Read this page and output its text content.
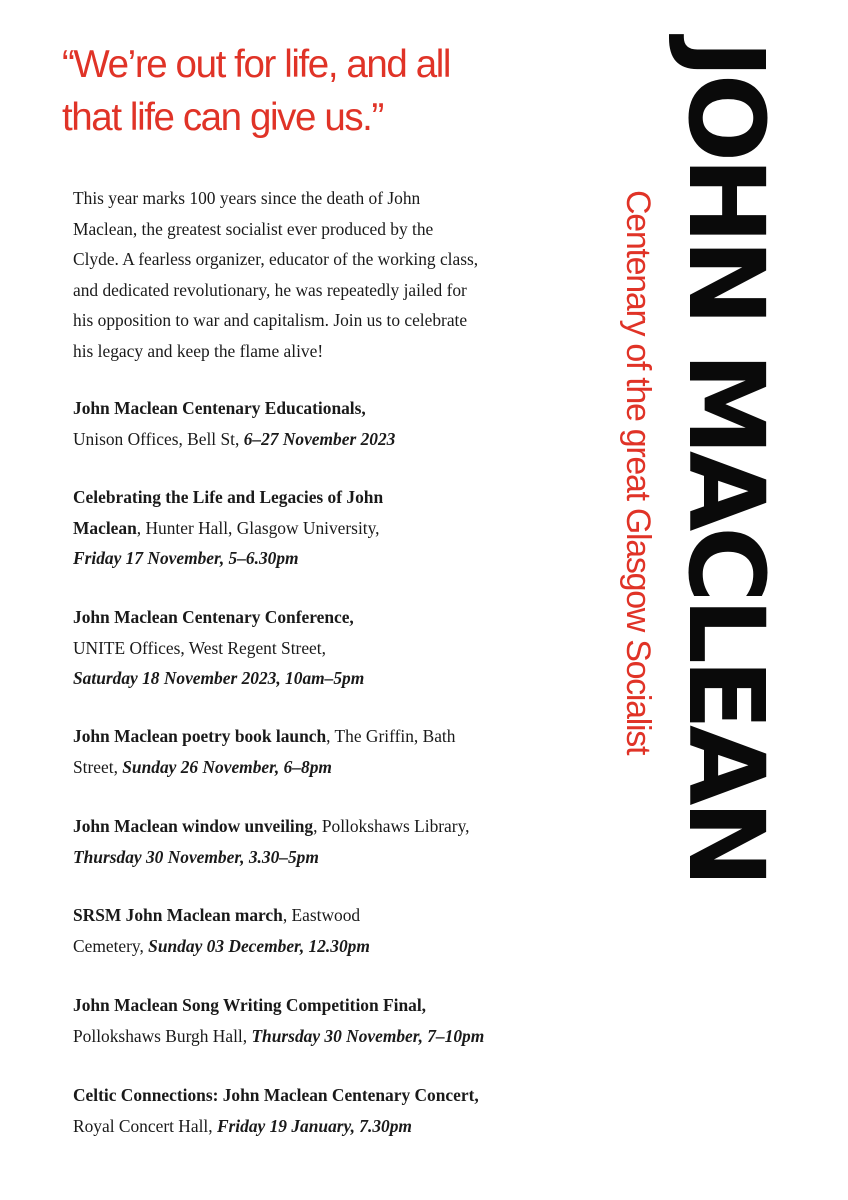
“We’re out for life, and all
that life can give us.”
This year marks 100 years since the death of John
Maclean, the greatest socialist ever produced by the
Clyde. A fearless organizer, educator of the working class,
and dedicated revolutionary, he was repeatedly jailed for
his opposition to war and capitalism. Join us to celebrate
his legacy and keep the flame alive!
John Maclean Centenary Educationals,
Unison Offices, Bell St, 6–27 November 2023
Celebrating the Life and Legacies of John
Maclean, Hunter Hall, Glasgow University,
Friday 17 November, 5–6.30pm
John Maclean Centenary Conference,
UNITE Offices, West Regent Street,
Saturday 18 November 2023, 10am–5pm
John Maclean poetry book launch, The Griffin, Bath
Street, Sunday 26 November, 6–8pm
John Maclean window unveiling, Pollokshaws Library,
Thursday 30 November, 3.30–5pm
SRSM John Maclean march, Eastwood
Cemetery, Sunday 03 December, 12.30pm
John Maclean Song Writing Competition Final,
Pollokshaws Burgh Hall, Thursday 30 November, 7–10pm
Celtic Connections: John Maclean Centenary Concert,
Royal Concert Hall, Friday 19 January, 7.30pm
JOHN MACLEAN
Centenary of the great Glasgow Socialist
